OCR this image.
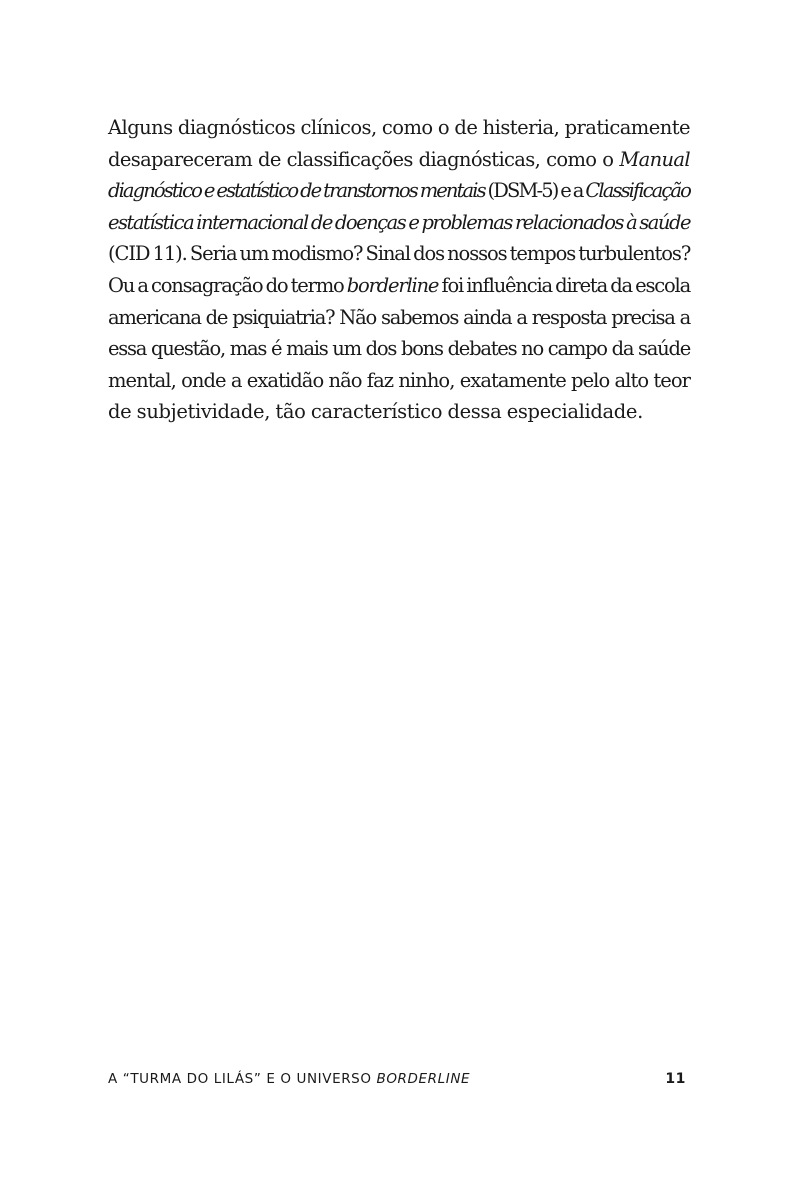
Alguns diagnósticos clínicos, como o de histeria, praticamente
desapareceram de classificações diagnósticas, como o Manual
diagnóstico e estatístico de transtornos mentais (DSM-5) e a Classificação
estatística internacional de doenças e problemas relacionados à saúde
(CID 11). Seria um modismo? Sinal dos nossos tempos turbulentos?
Ou a consagração do termo borderline foi influência direta da escola
americana de psiquiatria? Não sabemos ainda a resposta precisa a
essa questão, mas é mais um dos bons debates no campo da saúde
mental, onde a exatidão não faz ninho, exatamente pelo alto teor
de subjetividade, tão característico dessa especialidade.
A “TURMA DO LILÁS” E O UNIVERSO BORDERLINE	11
